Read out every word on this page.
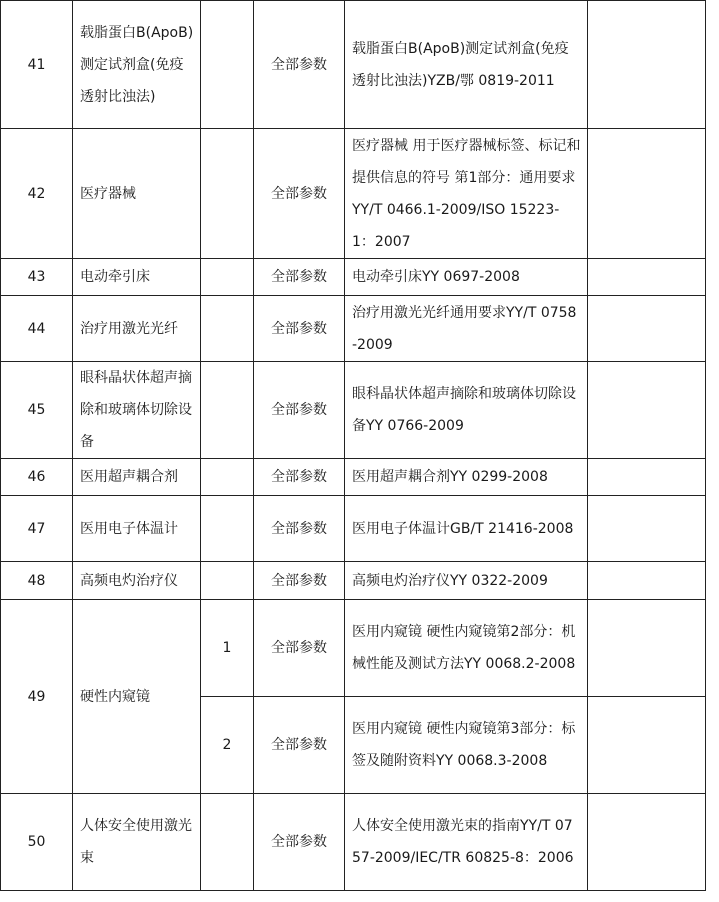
41	载脂蛋白B(ApoB)测定试剂盒(免疫透射比浊法)		全部参数	载脂蛋白B(ApoB)测定试剂盒(免疫透射比浊法)YZB/鄂 0819-2011	
42	医疗器械		全部参数	医疗器械 用于医疗器械标签、标记和提供信息的符号 第1部分：通用要求YY/T 0466.1-2009/ISO 15223-1：2007	
43	电动牵引床		全部参数	电动牵引床YY 0697-2008	
44	治疗用激光光纤		全部参数	治疗用激光光纤通用要求YY/T 0758-2009	
45	眼科晶状体超声摘除和玻璃体切除设备		全部参数	眼科晶状体超声摘除和玻璃体切除设备YY 0766-2009	
46	医用超声耦合剂		全部参数	医用超声耦合剂YY 0299-2008	
47	医用电子体温计		全部参数	医用电子体温计GB/T 21416-2008	
48	高频电灼治疗仪		全部参数	高频电灼治疗仪YY 0322-2009	
49	硬性内窥镜	1	全部参数	医用内窥镜 硬性内窥镜第2部分：机械性能及测试方法YY 0068.2-2008	
		2	全部参数	医用内窥镜 硬性内窥镜第3部分：标签及随附资料YY 0068.3-2008	
50	人体安全使用激光束		全部参数	人体安全使用激光束的指南YY/T 0757-2009/IEC/TR 60825-8：2006	
